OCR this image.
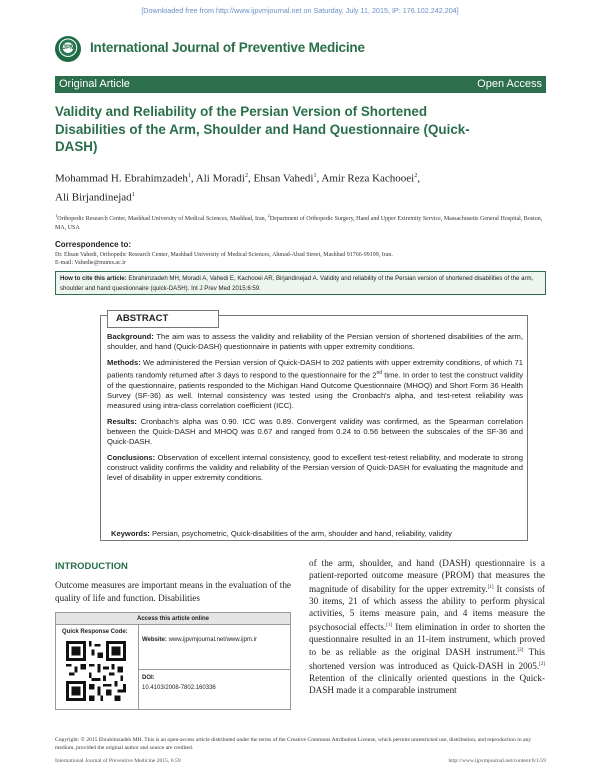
[Downloaded free from http://www.ijpvmjournal.net on Saturday, July 11, 2015, IP: 176.102.242.204]
IJPM International Journal of Preventive Medicine
Original Article	Open Access
Validity and Reliability of the Persian Version of Shortened Disabilities of the Arm, Shoulder and Hand Questionnaire (Quick-DASH)
Mohammad H. Ebrahimzadeh$^1$, Ali Moradi$^2$, Ehsan Vahedi$^1$, Amir Reza Kachooei$^2$,
Ali Birjandinejad$^1$
$^1$Orthopedic Research Center, Mashhad University of Medical Sciences, Mashhad, Iran, $^2$Department of Orthopedic Surgery, Hand and Upper Extremity Service, Massachusetts General Hospital, Boston, MA, USA
Correspondence to:
Dr. Ehsan Vahedi, Orthopedic Research Center, Mashhad University of Medical Sciences, Ahmad-Abad Street, Mashhad 91766-99199, Iran.
E-mail: Vahedie@mums.ac.ir
How to cite this article: Ebrahimzadeh MH, Moradi A, Vahedi E, Kachooei AR, Birjandinejad A. Validity and reliability of the Persian version of shortened disabilities of the arm, shoulder and hand questionnaire (quick-DASH). Int J Prev Med 2015;6:59.
ABSTRACT

Background: The aim was to assess the validity and reliability of the Persian version of shortened disabilities of the arm, shoulder, and hand (Quick-DASH) questionnaire in patients with upper extremity conditions.

Methods: We administered the Persian version of Quick-DASH to 202 patients with upper extremity conditions, of which 71 patients randomly returned after 3 days to respond to the questionnaire for the 2nd time. In order to test the construct validity of the questionnaire, patients responded to the Michigan Hand Outcome Questionnaire (MHOQ) and Short Form 36 Health Survey (SF-36) as well. Internal consistency was tested using the Cronbach's alpha, and test-retest reliability was measured using intra-class correlation coefficient (ICC).

Results: Cronbach's alpha was 0.90. ICC was 0.89. Convergent validity was confirmed, as the Spearman correlation between the Quick-DASH and MHOQ was 0.67 and ranged from 0.24 to 0.56 between the subscales of the SF-36 and Quick-DASH.

Conclusions: Observation of excellent internal consistency, good to excellent test-retest reliability, and moderate to strong construct validity confirms the validity and reliability of the Persian version of Quick-DASH for evaluating the magnitude and level of disability in upper extremity conditions.

Keywords: Persian, psychometric, Quick-disabilities of the arm, shoulder and hand, reliability, validity
INTRODUCTION
Outcome measures are important means in the evaluation of the quality of life and function. Disabilities
Access this article online
Quick Response Code:
Website: www.ijpvmjournal.net/www.ijpm.ir
DOI:
10.4103/2008-7802.160336
of the arm, shoulder, and hand (DASH) questionnaire is a patient-reported outcome measure (PROM) that measures the magnitude of disability for the upper extremity.[1] It consists of 30 items, 21 of which assess the ability to perform physical activities, 5 items measure pain, and 4 items measure the psychosocial effects.[1] Item elimination in order to shorten the questionnaire resulted in an 11-item instrument, which proved to be as reliable as the original DASH instrument.[2] This shortened version was introduced as Quick-DASH in 2005.[2] Retention of the clinically oriented questions in the Quick-DASH made it a comparable instrument
Copyright: © 2015 Ebrahimzadeh MH. This is an open-access article distributed under the terms of the Creative Commons Attribution License, which permits unrestricted use, distribution, and reproduction in any medium, provided the original author and source are credited.
International Journal of Preventive Medicine 2015, 6:59	http://www.ijpvmjournal.net/content/6/1/59
